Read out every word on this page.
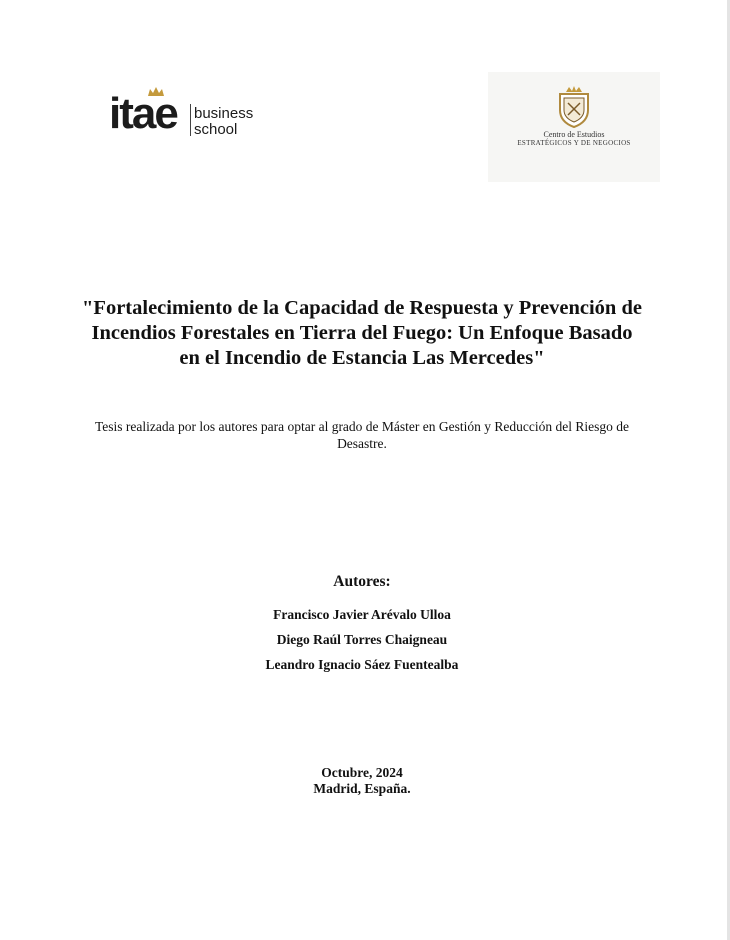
itae business
school	Centro de Estudios
ESTRATÉGICOS Y DE NEGOCIOS
"Fortalecimiento de la Capacidad de Respuesta y Prevención de Incendios Forestales en Tierra del Fuego: Un Enfoque Basado en el Incendio de Estancia Las Mercedes"

Tesis realizada por los autores para optar al grado de Máster en Gestión y Reducción del Riesgo de Desastre.

Autores:

Francisco Javier Arévalo Ulloa

Diego Raúl Torres Chaigneau

Leandro Ignacio Sáez Fuentealba

Octubre, 2024

Madrid, España.
